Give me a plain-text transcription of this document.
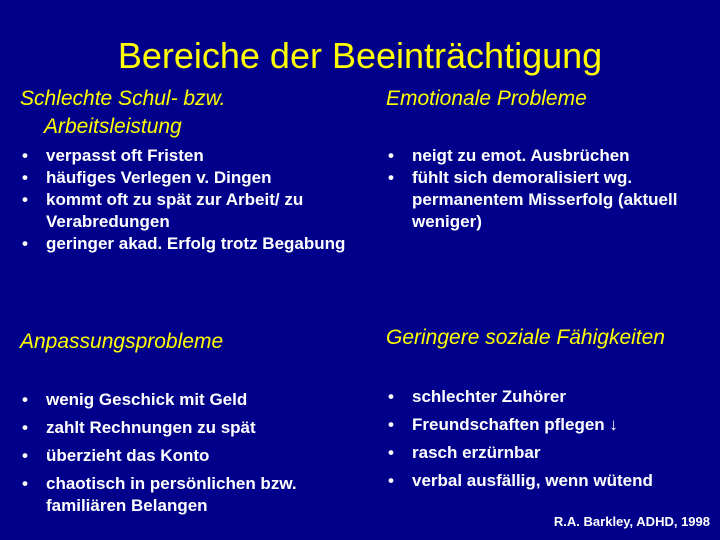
Bereiche der Beeinträchtigung
Schlechte Schul- bzw. Arbeitsleistung
• verpasst oft Fristen
• häufiges Verlegen v. Dingen
• kommt oft zu spät zur Arbeit/ zu Verabredungen
• geringer akad. Erfolg trotz Begabung
Emotionale Probleme
• neigt zu emot. Ausbrüchen
• fühlt sich demoralisiert wg. permanentem Misserfolg (aktuell weniger)
Anpassungsprobleme
• wenig Geschick mit Geld
• zahlt Rechnungen zu spät
• überzieht das Konto
• chaotisch in persönlichen bzw. familiären Belangen
Geringere soziale Fähigkeiten
• schlechter Zuhörer
• Freundschaften pflegen ↓
• rasch erzürnbar
• verbal ausfällig, wenn wütend
R.A. Barkley, ADHD, 1998
